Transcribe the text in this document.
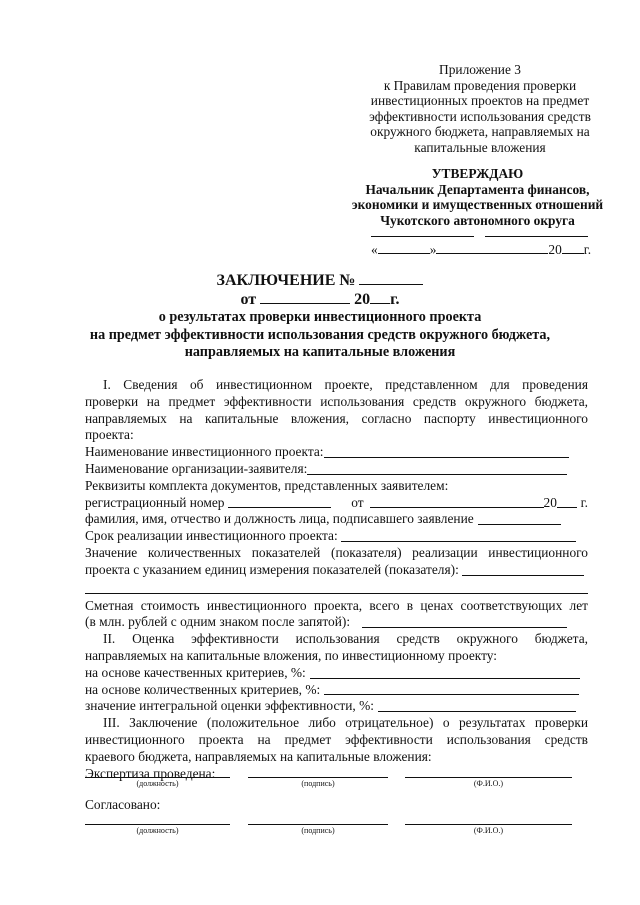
Приложение 3
к Правилам проведения проверки
инвестиционных проектов на предмет
эффективности использования средств
окружного бюджета, направляемых на
капитальные вложения
УТВЕРЖДАЮ
Начальник Департамента финансов,
экономики и имущественных отношений
Чукотского автономного округа
«	»	20 г.
ЗАКЛЮЧЕНИЕ №
от	20 г.
о результатах проверки инвестиционного проекта
на предмет эффективности использования средств окружного бюджета,
направляемых на капитальные вложения
I. Сведения об инвестиционном проекте, представленном для проведения
проверки на предмет эффективности использования средств окружного бюджета,
направляемых на капитальные вложения, согласно паспорту инвестиционного
проекта:
Наименование инвестиционного проекта:
Наименование организации-заявителя:
Реквизиты комплекта документов, представленных заявителем:
регистрационный номер	от	20 г.
фамилия, имя, отчество и должность лица, подписавшего заявление
Срок реализации инвестиционного проекта:
Значение количественных показателей (показателя) реализации инвестиционного
проекта с указанием единиц измерения показателей (показателя):
Сметная стоимость инвестиционного проекта, всего в ценах соответствующих лет
(в млн. рублей с одним знаком после запятой):
II. Оценка эффективности использования средств окружного бюджета,
направляемых на капитальные вложения, по инвестиционному проекту:
на основе качественных критериев, %:
на основе количественных критериев, %:
значение интегральной оценки эффективности, %:
III. Заключение (положительное либо отрицательное) о результатах проверки
инвестиционного проекта на предмет эффективности использования средств
краевого бюджета, направляемых на капитальные вложения:
Экспертиза проведена:
(должность)	(подпись)	(Ф.И.О.)
Согласовано:
(должность)	(подпись)	(Ф.И.О.)
